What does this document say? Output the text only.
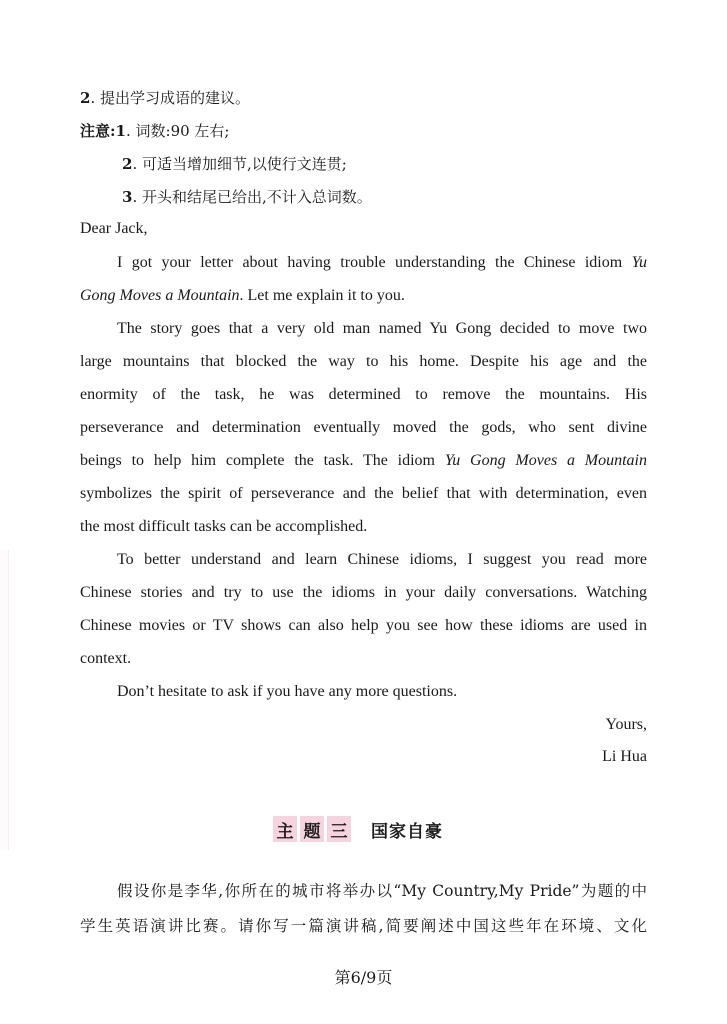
2. 提出学习成语的建议。
注意:1. 词数:90 左右;
2. 可适当增加细节,以使行文连贯;
3. 开头和结尾已给出,不计入总词数。
Dear Jack,
I got your letter about having trouble understanding the Chinese idiom Yu
Gong Moves a Mountain. Let me explain it to you.
The story goes that a very old man named Yu Gong decided to move two
large mountains that blocked the way to his home. Despite his age and the
enormity of the task, he was determined to remove the mountains. His
perseverance and determination eventually moved the gods, who sent divine
beings to help him complete the task. The idiom Yu Gong Moves a Mountain
symbolizes the spirit of perseverance and the belief that with determination, even
the most difficult tasks can be accomplished.
To better understand and learn Chinese idioms, I suggest you read more
Chinese stories and try to use the idioms in your daily conversations. Watching
Chinese movies or TV shows can also help you see how these idioms are used in
context.
Don’t hesitate to ask if you have any more questions.
Yours,
Li Hua
主 题 三 国家自豪
假设你是李华,你所在的城市将举办以“My Country,My Pride”为题的中
学生英语演讲比赛。请你写一篇演讲稿,简要阐述中国这些年在环境、文化
第6/9页
